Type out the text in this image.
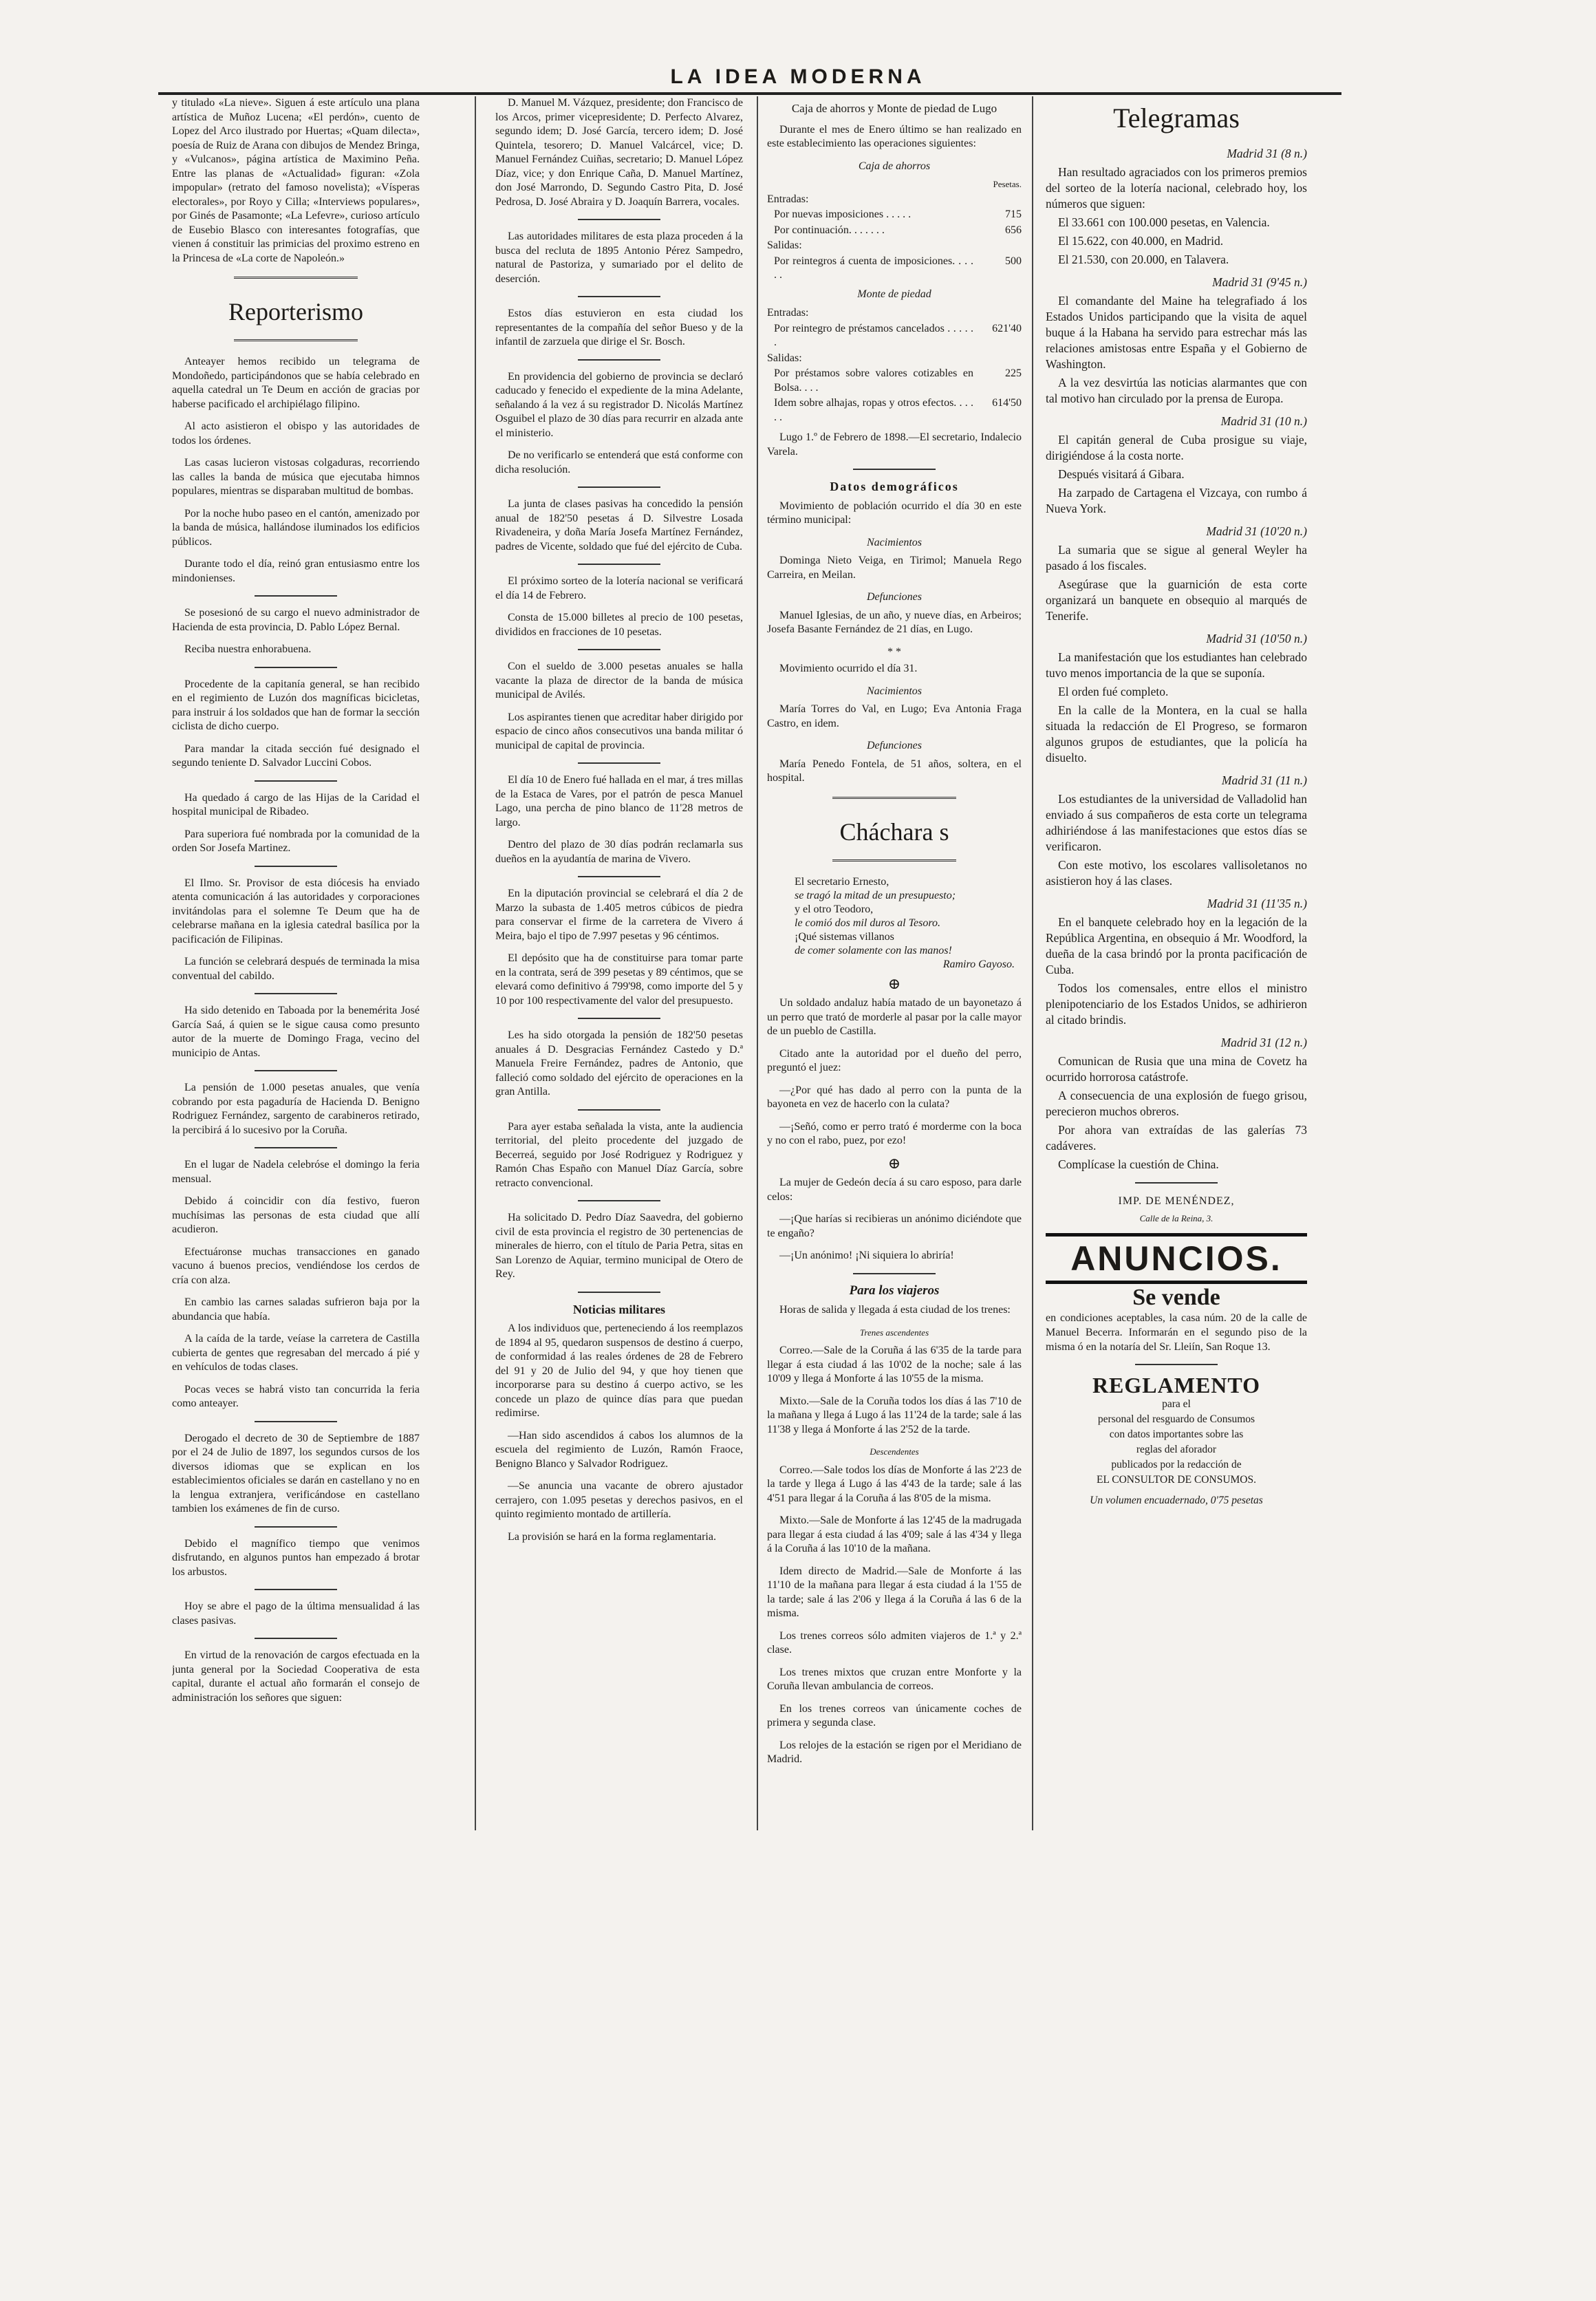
LA IDEA MODERNA

y titulado «La nieve». Siguen á este artículo una plana artística de Muñoz Lucena; «El perdón», cuento de Lopez del Arco ilustrado por Huertas; «Quam dilecta», poesía de Ruiz de Arana con dibujos de Mendez Bringa, y «Vulcanos», página artística de Maximino Peña. Entre las planas de «Actualidad» figuran: «Zola impopular» (retrato del famoso novelista); «Vísperas electorales», por Royo y Cilla; «Interviews populares», por Ginés de Pasamonte; «La Lefevre», curioso artículo de Eusebio Blasco con interesantes fotografías, que vienen á constituir las primicias del proximo estreno en la Princesa de «La corte de Napoleón.»

Reporterismo

Anteayer hemos recibido un telegrama de Mondoñedo, participándonos que se había celebrado en aquella catedral un Te Deum en acción de gracias por haberse pacificado el archipiélago filipino.

Al acto asistieron el obispo y las autoridades de todos los órdenes.

Las casas lucieron vistosas colgaduras, recorriendo las calles la banda de música que ejecutaba himnos populares, mientras se disparaban multitud de bombas.

Por la noche hubo paseo en el cantón, amenizado por la banda de música, hallándose iluminados los edificios públicos.

Durante todo el día, reinó gran entusiasmo entre los mindonienses.

Se posesionó de su cargo el nuevo administrador de Hacienda de esta provincia, D. Pablo López Bernal.

Reciba nuestra enhorabuena.

Procedente de la capitanía general, se han recibido en el regimiento de Luzón dos magníficas bicicletas, para instruir á los soldados que han de formar la sección ciclista de dicho cuerpo.

Para mandar la citada sección fué designado el segundo teniente D. Salvador Luccini Cobos.

Ha quedado á cargo de las Hijas de la Caridad el hospital municipal de Ribadeo.

Para superiora fué nombrada por la comunidad de la orden Sor Josefa Martinez.

El Ilmo. Sr. Provisor de esta diócesis ha enviado atenta comunicación á las autoridades y corporaciones invitándolas para el solemne Te Deum que ha de celebrarse mañana en la iglesia catedral basílica por la pacificación de Filipinas.

La función se celebrará después de terminada la misa conventual del cabildo.

Ha sido detenido en Taboada por la benemérita José García Saá, á quien se le sigue causa como presunto autor de la muerte de Domingo Fraga, vecino del municipio de Antas.

La pensión de 1.000 pesetas anuales, que venía cobrando por esta pagaduría de Hacienda D. Benigno Rodriguez Fernández, sargento de carabineros retirado, la percibirá á lo sucesivo por la Coruña.

En el lugar de Nadela celebróse el domingo la feria mensual.

Debido á coincidir con día festivo, fueron muchísimas las personas de esta ciudad que allí acudieron.

Efectuáronse muchas transacciones en ganado vacuno á buenos precios, vendiéndose los cerdos de cría con alza.

En cambio las carnes saladas sufrieron baja por la abundancia que había.

A la caída de la tarde, veíase la carretera de Castilla cubierta de gentes que regresaban del mercado á pié y en vehículos de todas clases.

Pocas veces se habrá visto tan concurrida la feria como anteayer.

Derogado el decreto de 30 de Septiembre de 1887 por el 24 de Julio de 1897, los segundos cursos de los diversos idiomas que se explican en los establecimientos oficiales se darán en castellano y no en la lengua extranjera, verificándose en castellano tambien los exámenes de fin de curso.

Debido el magnífico tiempo que venimos disfrutando, en algunos puntos han empezado á brotar los arbustos.

Hoy se abre el pago de la última mensualidad á las clases pasivas.

En virtud de la renovación de cargos efectuada en la junta general por la Sociedad Cooperativa de esta capital, durante el actual año formarán el consejo de administración los señores que siguen:

D. Manuel M. Vázquez, presidente; don Francisco de los Arcos, primer vicepresidente; D. Perfecto Alvarez, segundo idem; D. José García, tercero idem; D. José Quintela, tesorero; D. Manuel Valcárcel, vice; D. Manuel Fernández Cuiñas, secretario; D. Manuel López Díaz, vice; y don Enrique Caña, D. Manuel Martínez, don José Marrondo, D. Segundo Castro Pita, D. José Pedrosa, D. José Abraira y D. Joaquín Barrera, vocales.

Las autoridades militares de esta plaza proceden á la busca del recluta de 1895 Antonio Pérez Sampedro, natural de Pastoriza, y sumariado por el delito de deserción.

Estos días estuvieron en esta ciudad los representantes de la compañía del señor Bueso y de la infantil de zarzuela que dirige el Sr. Bosch.

En providencia del gobierno de provincia se declaró caducado y fenecido el expediente de la mina Adelante, señalando á la vez á su registrador D. Nicolás Martínez Osguibel el plazo de 30 días para recurrir en alzada ante el ministerio.

De no verificarlo se entenderá que está conforme con dicha resolución.

La junta de clases pasivas ha concedido la pensión anual de 182'50 pesetas á D. Silvestre Losada Rivadeneira, y doña María Josefa Martínez Fernández, padres de Vicente, soldado que fué del ejército de Cuba.

El próximo sorteo de la lotería nacional se verificará el día 14 de Febrero.

Consta de 15.000 billetes al precio de 100 pesetas, divididos en fracciones de 10 pesetas.

Con el sueldo de 3.000 pesetas anuales se halla vacante la plaza de director de la banda de música municipal de Avilés.

Los aspirantes tienen que acreditar haber dirigido por espacio de cinco años consecutivos una banda militar ó municipal de capital de provincia.

El día 10 de Enero fué hallada en el mar, á tres millas de la Estaca de Vares, por el patrón de pesca Manuel Lago, una percha de pino blanco de 11'28 metros de largo.

Dentro del plazo de 30 días podrán reclamarla sus dueños en la ayudantía de marina de Vivero.

En la diputación provincial se celebrará el día 2 de Marzo la subasta de 1.405 metros cúbicos de piedra para conservar el firme de la carretera de Vivero á Meira, bajo el tipo de 7.997 pesetas y 96 céntimos.

El depósito que ha de constituirse para tomar parte en la contrata, será de 399 pesetas y 89 céntimos, que se elevará como definitivo á 799'98, como importe del 5 y 10 por 100 respectivamente del valor del presupuesto.

Les ha sido otorgada la pensión de 182'50 pesetas anuales á D. Desgracias Fernández Castedo y D.ª Manuela Freire Fernández, padres de Antonio, que falleció como soldado del ejército de operaciones en la gran Antilla.

Para ayer estaba señalada la vista, ante la audiencia territorial, del pleito procedente del juzgado de Becerreá, seguido por José Rodriguez y Rodriguez y Ramón Chas Españo con Manuel Díaz García, sobre retracto convencional.

Ha solicitado D. Pedro Díaz Saavedra, del gobierno civil de esta provincia el registro de 30 pertenencias de minerales de hierro, con el título de Paria Petra, sitas en San Lorenzo de Aquiar, termino municipal de Otero de Rey.

Noticias militares

A los individuos que, perteneciendo á los reemplazos de 1894 al 95, quedaron suspensos de destino á cuerpo, de conformidad á las reales órdenes de 28 de Febrero del 91 y 20 de Julio del 94, y que hoy tienen que incorporarse para su destino á cuerpo activo, se les concede un plazo de quince días para que puedan redimirse.

—Han sido ascendidos á cabos los alumnos de la escuela del regimiento de Luzón, Ramón Fraoce, Benigno Blanco y Salvador Rodriguez.

—Se anuncia una vacante de obrero ajustador cerrajero, con 1.095 pesetas y derechos pasivos, en el quinto regimiento montado de artillería.

La provisión se hará en la forma reglamentaria.

Caja de ahorros y Monte de piedad de Lugo

Durante el mes de Enero último se han realizado en este establecimiento las operaciones siguientes:

Caja de ahorros
Pesetas.
Entradas:	
Por nuevas imposiciones . . . . .	715
Por continuación. . . . . . .	656
Salidas:	
Por reintegros á cuenta de imposiciones. . . . . .	500
Monte de piedad
Entradas:	
Por reintegro de préstamos cancelados . . . . . .	621'40
Salidas:	
Por préstamos sobre valores cotizables en Bolsa. . . .	225
Idem sobre alhajas, ropas y otros efectos. . . . . .	614'50

Lugo 1.º de Febrero de 1898.—El secretario, Indalecio Varela.

Datos demográficos

Movimiento de población ocurrido el día 30 en este término municipal:

Nacimientos

Dominga Nieto Veiga, en Tirimol; Manuela Rego Carreira, en Meilan.

Defunciones

Manuel Iglesias, de un año, y nueve días, en Arbeiros; Josefa Basante Fernández de 21 días, en Lugo.

* *

Movimiento ocurrido el día 31.

Nacimientos

María Torres do Val, en Lugo; Eva Antonia Fraga Castro, en idem.

Defunciones

María Penedo Fontela, de 51 años, soltera, en el hospital.

Cháchara s
El secretario Ernesto,
se tragó la mitad de un presupuesto;
y el otro Teodoro,
le comió dos mil duros al Tesoro.
¡Qué sistemas villanos
de comer solamente con las manos!
Ramiro Gayoso.
⊕

Un soldado andaluz había matado de un bayonetazo á un perro que trató de morderle al pasar por la calle mayor de un pueblo de Castilla.

Citado ante la autoridad por el dueño del perro, preguntó el juez:

—¿Por qué has dado al perro con la punta de la bayoneta en vez de hacerlo con la culata?

—¡Señó, como er perro trató é morderme con la boca y no con el rabo, puez, por ezo!

⊕

La mujer de Gedeón decía á su caro esposo, para darle celos:

—¡Que harías si recibieras un anónimo diciéndote que te engaño?

—¡Un anónimo! ¡Ni siquiera lo abriría!

Para los viajeros

Horas de salida y llegada á esta ciudad de los trenes:

Trenes ascendentes

Correo.—Sale de la Coruña á las 6'35 de la tarde para llegar á esta ciudad á las 10'02 de la noche; sale á las 10'09 y llega á Monforte á las 10'55 de la misma.

Mixto.—Sale de la Coruña todos los días á las 7'10 de la mañana y llega á Lugo á las 11'24 de la tarde; sale á las 11'38 y llega á Monforte á las 2'52 de la tarde.

Descendentes

Correo.—Sale todos los días de Monforte á las 2'23 de la tarde y llega á Lugo á las 4'43 de la tarde; sale á las 4'51 para llegar á la Coruña á las 8'05 de la misma.

Mixto.—Sale de Monforte á las 12'45 de la madrugada para llegar á esta ciudad á las 4'09; sale á las 4'34 y llega á la Coruña á las 10'10 de la mañana.

Idem directo de Madrid.—Sale de Monforte á las 11'10 de la mañana para llegar á esta ciudad á la 1'55 de la tarde; sale á las 2'06 y llega á la Coruña á las 6 de la misma.

Los trenes correos sólo admiten viajeros de 1.ª y 2.ª clase.

Los trenes mixtos que cruzan entre Monforte y la Coruña llevan ambulancia de correos.

En los trenes correos van únicamente coches de primera y segunda clase.

Los relojes de la estación se rigen por el Meridiano de Madrid.

Telegramas
Madrid 31 (8 n.)

Han resultado agraciados con los primeros premios del sorteo de la lotería nacional, celebrado hoy, los números que siguen:

El 33.661 con 100.000 pesetas, en Valencia.

El 15.622, con 40.000, en Madrid.

El 21.530, con 20.000, en Talavera.

Madrid 31 (9'45 n.)

El comandante del Maine ha telegrafiado á los Estados Unidos participando que la visita de aquel buque á la Habana ha servido para estrechar más las relaciones amistosas entre España y el Gobierno de Washington.

A la vez desvirtúa las noticias alarmantes que con tal motivo han circulado por la prensa de Europa.

Madrid 31 (10 n.)

El capitán general de Cuba prosigue su viaje, dirigiéndose á la costa norte.

Después visitará á Gibara.

Ha zarpado de Cartagena el Vizcaya, con rumbo á Nueva York.

Madrid 31 (10'20 n.)

La sumaria que se sigue al general Weyler ha pasado á los fiscales.

Asegúrase que la guarnición de esta corte organizará un banquete en obsequio al marqués de Tenerife.

Madrid 31 (10'50 n.)

La manifestación que los estudiantes han celebrado tuvo menos importancia de la que se suponía.

El orden fué completo.

En la calle de la Montera, en la cual se halla situada la redacción de El Progreso, se formaron algunos grupos de estudiantes, que la policía ha disuelto.

Madrid 31 (11 n.)

Los estudiantes de la universidad de Valladolid han enviado á sus compañeros de esta corte un telegrama adhiriéndose á las manifestaciones que estos días se verificaron.

Con este motivo, los escolares vallisoletanos no asistieron hoy á las clases.

Madrid 31 (11'35 n.)

En el banquete celebrado hoy en la legación de la República Argentina, en obsequio á Mr. Woodford, la dueña de la casa brindó por la pronta pacificación de Cuba.

Todos los comensales, entre ellos el ministro plenipotenciario de los Estados Unidos, se adhirieron al citado brindis.

Madrid 31 (12 n.)

Comunican de Rusia que una mina de Covetz ha ocurrido horrorosa catástrofe.

A consecuencia de una explosión de fuego grisou, perecieron muchos obreros.

Por ahora van extraídas de las galerías 73 cadáveres.

Complícase la cuestión de China.

IMP. DE MENÉNDEZ,
Calle de la Reina, 3.
ANUNCIOS.
Se vende

en condiciones aceptables, la casa núm. 20 de la calle de Manuel Becerra. Informarán en el segundo piso de la misma ó en la notaría del Sr. Lleiín, San Roque 13.

REGLAMENTO
para el
personal del resguardo de Consumos
con datos importantes sobre las
reglas del aforador
publicados por la redacción de
EL CONSULTOR DE CONSUMOS.
Un volumen encuadernado, 0'75 pesetas
